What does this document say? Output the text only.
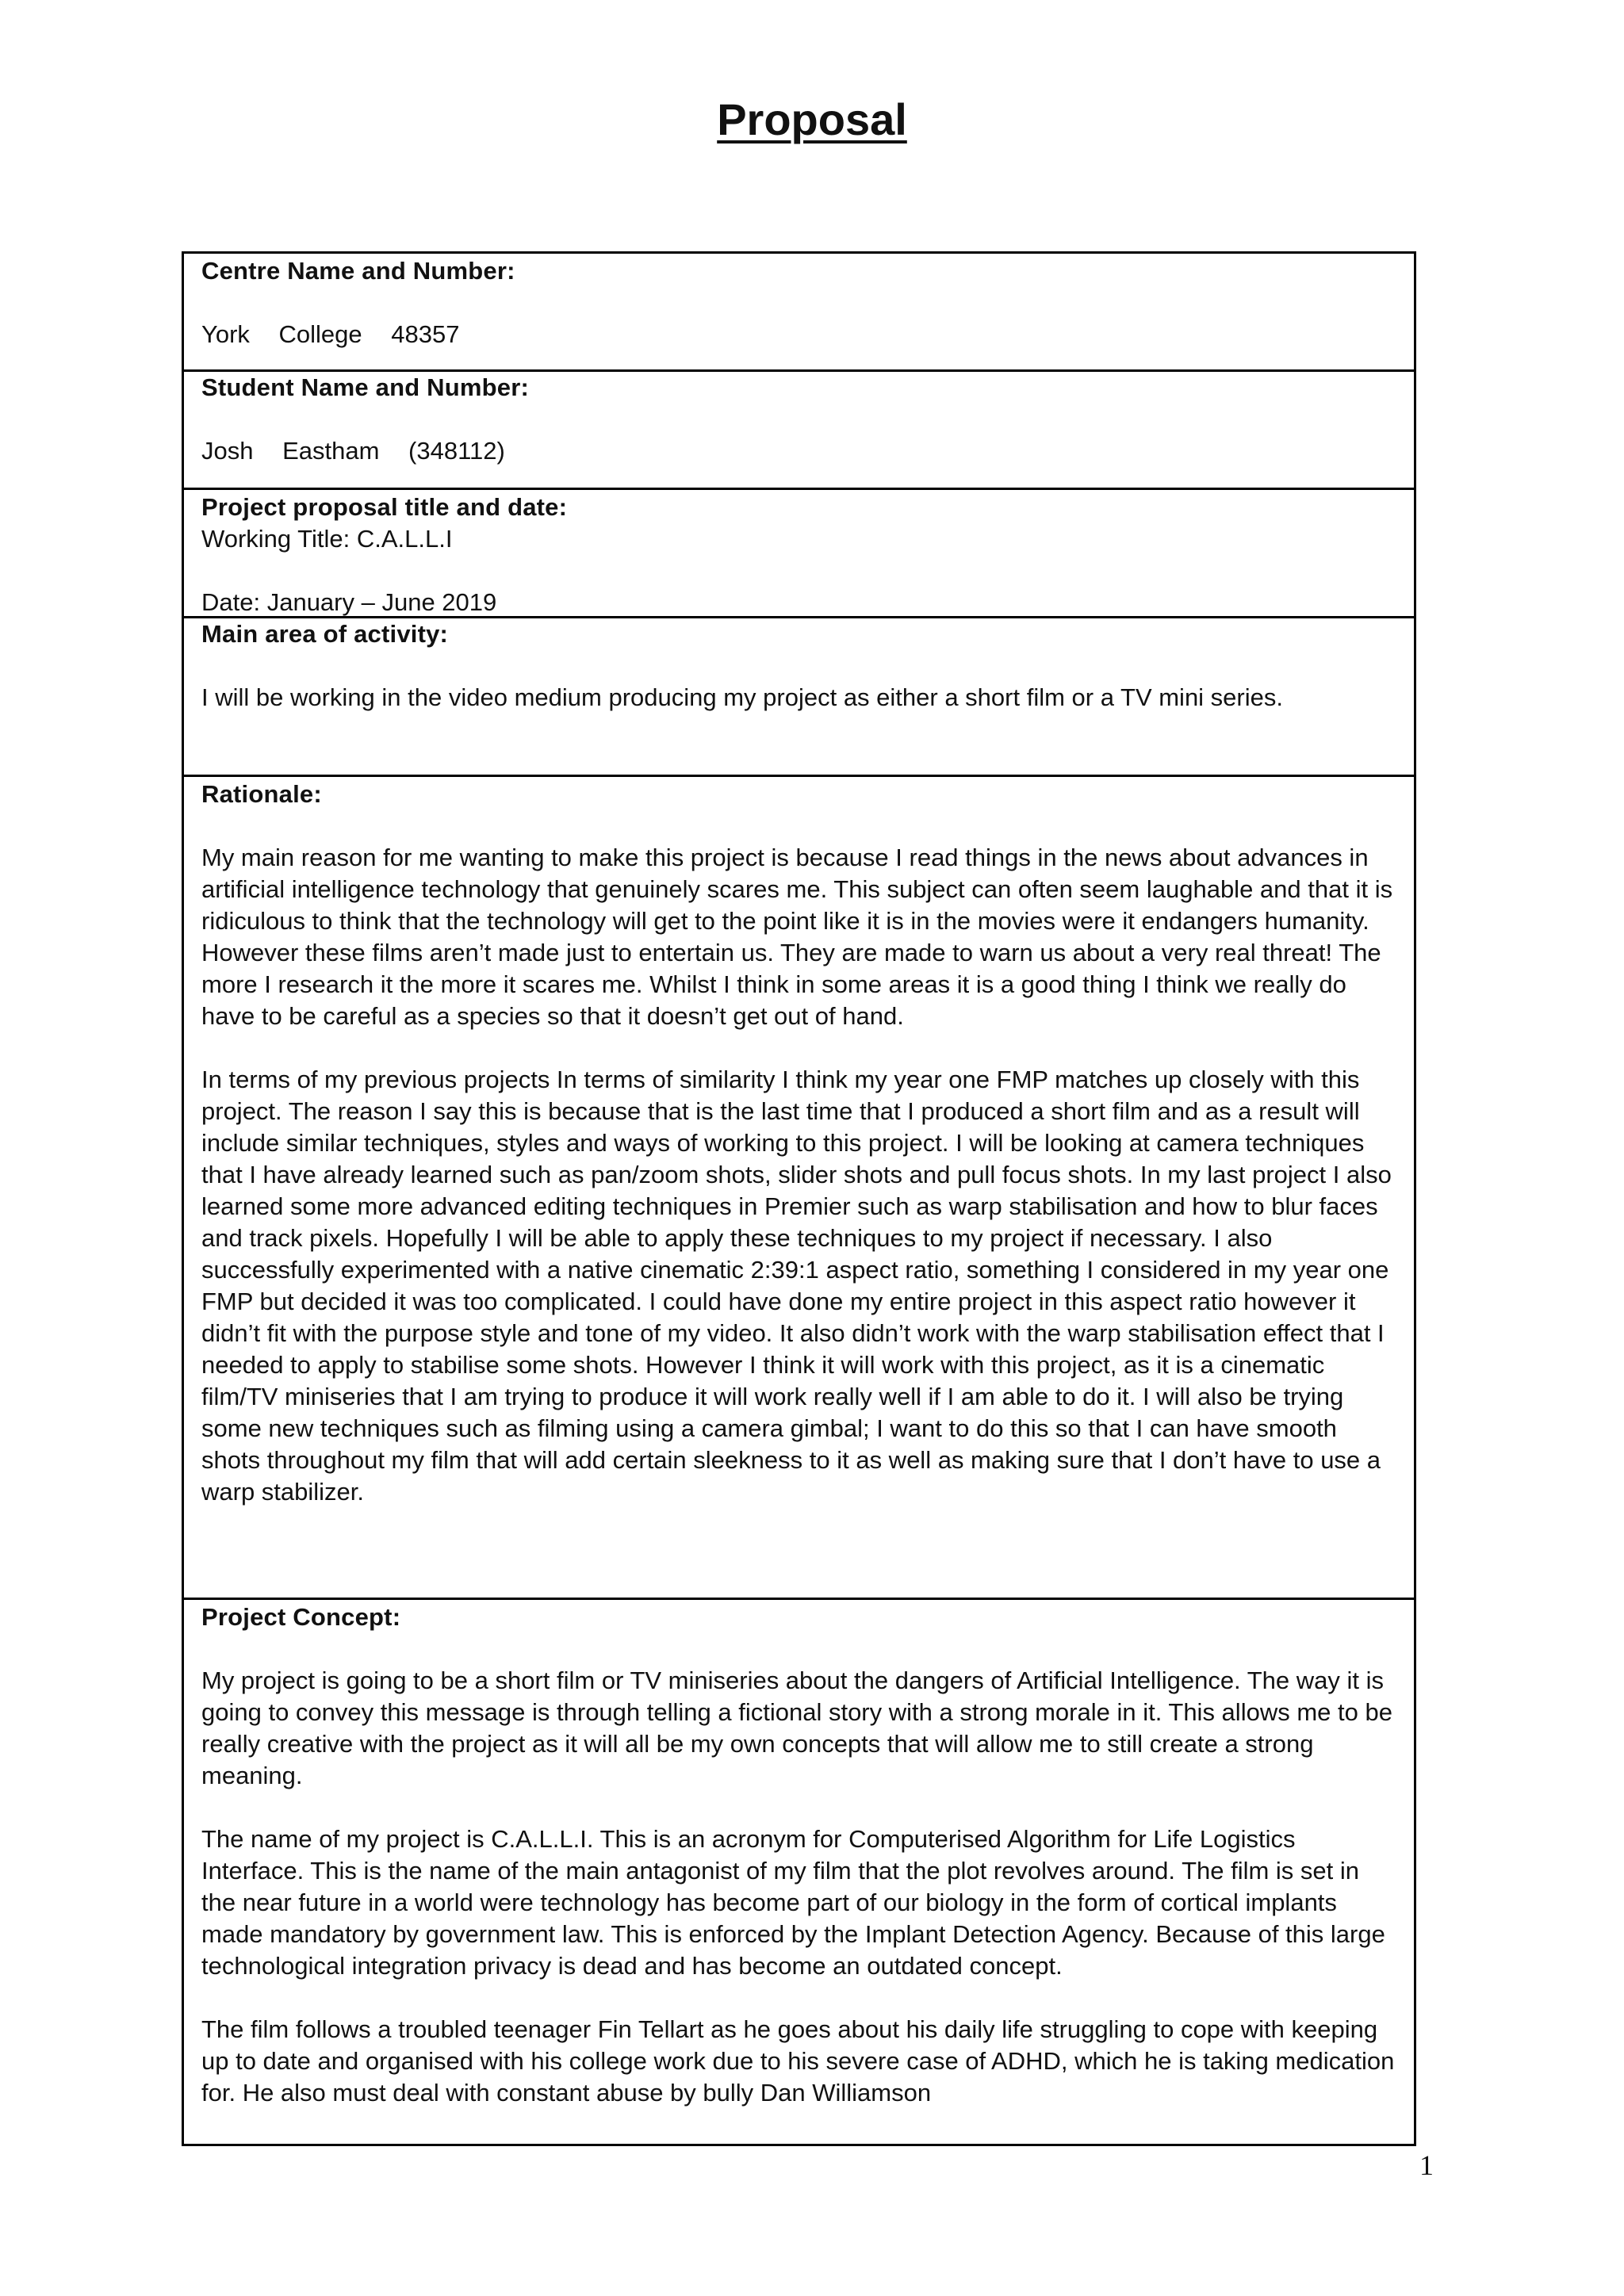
Proposal

Centre Name and Number:

York College 48357

Student Name and Number:

Josh Eastham (348112)

Project proposal title and date:

Working Title: C.A.L.L.I

Date: January – June 2019

Main area of activity:

I will be working in the video medium producing my project as either a short film or a TV mini series.

Rationale:

My main reason for me wanting to make this project is because I read things in the news about advances in artificial intelligence technology that genuinely scares me. This subject can often seem laughable and that it is ridiculous to think that the technology will get to the point like it is in the movies were it endangers humanity. However these films aren’t made just to entertain us. They are made to warn us about a very real threat! The more I research it the more it scares me. Whilst I think in some areas it is a good thing I think we really do have to be careful as a species so that it doesn’t get out of hand.

In terms of my previous projects In terms of similarity I think my year one FMP matches up closely with this project. The reason I say this is because that is the last time that I produced a short film and as a result will include similar techniques, styles and ways of working to this project. I will be looking at camera techniques that I have already learned such as pan/zoom shots, slider shots and pull focus shots. In my last project I also learned some more advanced editing techniques in Premier such as warp stabilisation and how to blur faces and track pixels. Hopefully I will be able to apply these techniques to my project if necessary. I also successfully experimented with a native cinematic 2:39:1 aspect ratio, something I considered in my year one FMP but decided it was too complicated. I could have done my entire project in this aspect ratio however it didn’t fit with the purpose style and tone of my video. It also didn’t work with the warp stabilisation effect that I needed to apply to stabilise some shots. However I think it will work with this project, as it is a cinematic film/TV miniseries that I am trying to produce it will work really well if I am able to do it. I will also be trying some new techniques such as filming using a camera gimbal; I want to do this so that I can have smooth shots throughout my film that will add certain sleekness to it as well as making sure that I don’t have to use a warp stabilizer.

Project Concept:

My project is going to be a short film or TV miniseries about the dangers of Artificial Intelligence. The way it is going to convey this message is through telling a fictional story with a strong morale in it. This allows me to be really creative with the project as it will all be my own concepts that will allow me to still create a strong meaning.

The name of my project is C.A.L.L.I. This is an acronym for Computerised Algorithm for Life Logistics Interface. This is the name of the main antagonist of my film that the plot revolves around. The film is set in the near future in a world were technology has become part of our biology in the form of cortical implants made mandatory by government law. This is enforced by the Implant Detection Agency. Because of this large technological integration privacy is dead and has become an outdated concept.

The film follows a troubled teenager Fin Tellart as he goes about his daily life struggling to cope with keeping up to date and organised with his college work due to his severe case of ADHD, which he is taking medication for. He also must deal with constant abuse by bully Dan Williamson

1
